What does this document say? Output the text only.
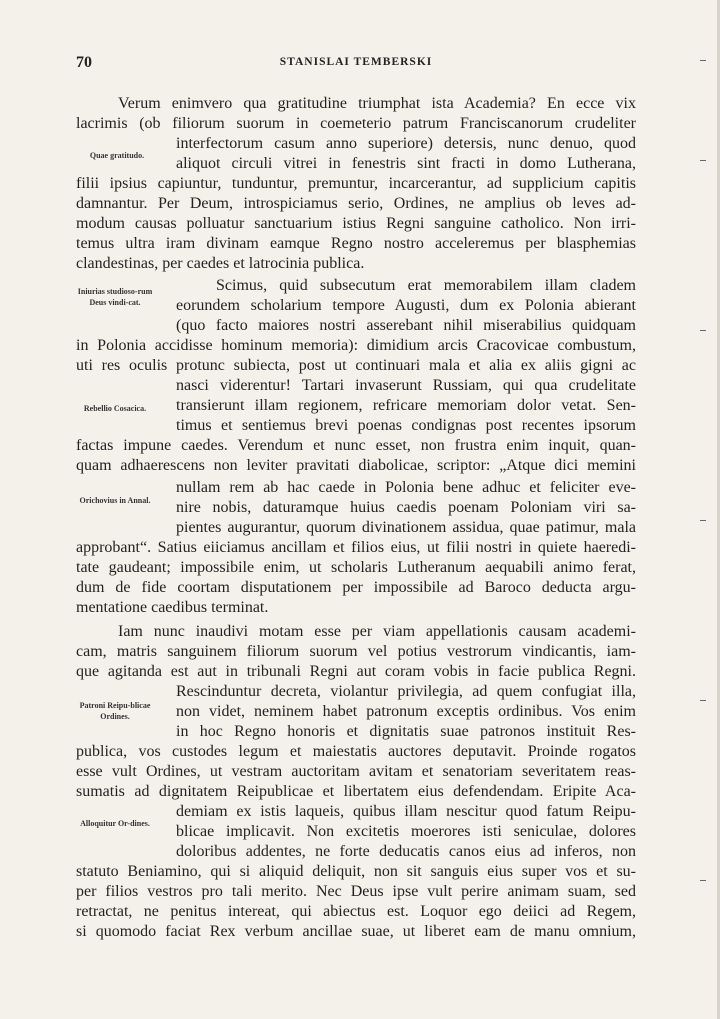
70	STANISLAI TEMBERSKI
Verum enimvero qua gratitudine triumphat ista Academia? En ecce vix
lacrimis (ob filiorum suorum in coemeterio patrum Franciscanorum crudeliter
interfectorum casum anno superiore) detersis, nunc denuo, quod
aliquot circuli vitrei in fenestris sint fracti in domo Lutherana,
filii ipsius capiuntur, tunduntur, premuntur, incarcerantur, ad supplicium capitis
damnantur. Per Deum, introspiciamus serio, Ordines, ne amplius ob leves ad-
modum causas polluatur sanctuarium istius Regni sanguine catholico. Non irri-
temus ultra iram divinam eamque Regno nostro acceleremus per blasphemias
clandestinas, per caedes et latrocinia publica.
Scimus, quid subsecutum erat memorabilem illam cladem
eorundem scholarium tempore Augusti, dum ex Polonia abierant
(quo facto maiores nostri asserebant nihil miserabilius quidquam
in Polonia accidisse hominum memoria): dimidium arcis Cracovicae combustum,
uti res oculis protunc subiecta, post ut continuari mala et alia ex aliis gigni ac
nasci viderentur! Tartari invaserunt Russiam, qui qua crudelitate
transierunt illam regionem, refricare memoriam dolor vetat. Sen-
timus et sentiemus brevi poenas condignas post recentes ipsorum
factas impune caedes. Verendum et nunc esset, non frustra enim inquit, quan-
quam adhaerescens non leviter pravitati diabolicae, scriptor: „Atque dici memini
nullam rem ab hac caede in Polonia bene adhuc et feliciter eve-
nire nobis, daturamque huius caedis poenam Poloniam viri sa-
pientes augurantur, quorum divinationem assidua, quae patimur, mala
approbant“. Satius eiiciamus ancillam et filios eius, ut filii nostri in quiete haeredi-
tate gaudeant; impossibile enim, ut scholaris Lutheranum aequabili animo ferat,
dum de fide coortam disputationem per impossibile ad Baroco deducta argu-
mentatione caedibus terminat.
Iam nunc inaudivi motam esse per viam appellationis causam academi-
cam, matris sanguinem filiorum suorum vel potius vestrorum vindicantis, iam-
que agitanda est aut in tribunali Regni aut coram vobis in facie publica Regni.
Rescinduntur decreta, violantur privilegia, ad quem confugiat illa,
non videt, neminem habet patronum exceptis ordinibus. Vos enim
in hoc Regno honoris et dignitatis suae patronos instituit Res-
publica, vos custodes legum et maiestatis auctores deputavit. Proinde rogatos
esse vult Ordines, ut vestram auctoritam avitam et senatoriam severitatem reas-
sumatis ad dignitatem Reipublicae et libertatem eius defendendam. Eripite Aca-
demiam ex istis laqueis, quibus illam nescitur quod fatum Reipu-
blicae implicavit. Non excitetis moerores isti seniculae, dolores
doloribus addentes, ne forte deducatis canos eius ad inferos, non
statuto Beniamino, qui si aliquid deliquit, non sit sanguis eius super vos et su-
per filios vestros pro tali merito. Nec Deus ipse vult perire animam suam, sed
retractat, ne penitus intereat, qui abiectus est. Loquor ego deiici ad Regem,
si quomodo faciat Rex verbum ancillae suae, ut liberet eam de manu omnium,
Quae gratitudo.
Iniurias studioso-rum Deus vindi-cat.
Rebellio Cosacica.
Orichovius in Annal.
Patroni Reipu-blicae Ordines.
Alloquitur Or-dines.
